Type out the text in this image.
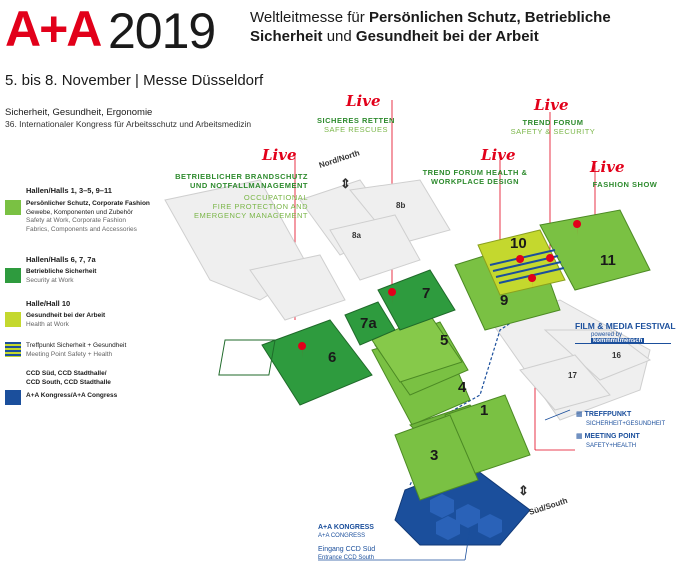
A+A 2019 Weltleitmesse für Persönlichen Schutz, Betriebliche
Sicherheit und Gesundheit bei der Arbeit
5. bis 8. November | Messe Düsseldorf
Sicherheit, Gesundheit, Ergonomie
36. Internationaler Kongress für Arbeitsschutz und Arbeitsmedizin
Hallen/Halls 1, 3–5, 9–11
Persönlicher Schutz, Corporate Fashion
Gewebe, Komponenten und Zubehör
Safety at Work, Corporate Fashion
Fabrics, Components and Accessories
Hallen/Halls 6, 7, 7a
Betriebliche Sicherheit
Security at Work
Halle/Hall 10
Gesundheit bei der Arbeit
Health at Work
Treffpunkt Sicherheit + Gesundheit
Meeting Point Safety + Health
CCD Süd, CCD Stadthalle/
CCD South, CCD Stadthalle
A+A Kongress/A+A Congress
8a
8b
16
17
6
7
7a
5
4
1
3
9
10
11
Nord/North
⇕
Süd/South
⇕
Live
SICHERES RETTEN
SAFE RESCUES
Live
TREND FORUM
SAFETY & SECURITY
Live
BETRIEBLICHER BRANDSCHUTZ
UND NOTFALLMANAGEMENT
OCCUPATIONAL
FIRE PROTECTION AND
EMERGENCY MANAGEMENT
Live
TREND FORUM HEALTH &
WORKPLACE DESIGN
Live
FASHION SHOW
FILM & MEDIA FESTIVAL
powered by kommmitmensch
▦ TREFFPUNKT
SICHERHEIT+GESUNDHEIT
▦ MEETING POINT
SAFETY+HEALTH
A+A KONGRESS
A+A CONGRESS
Eingang CCD Süd
Entrance CCD South
